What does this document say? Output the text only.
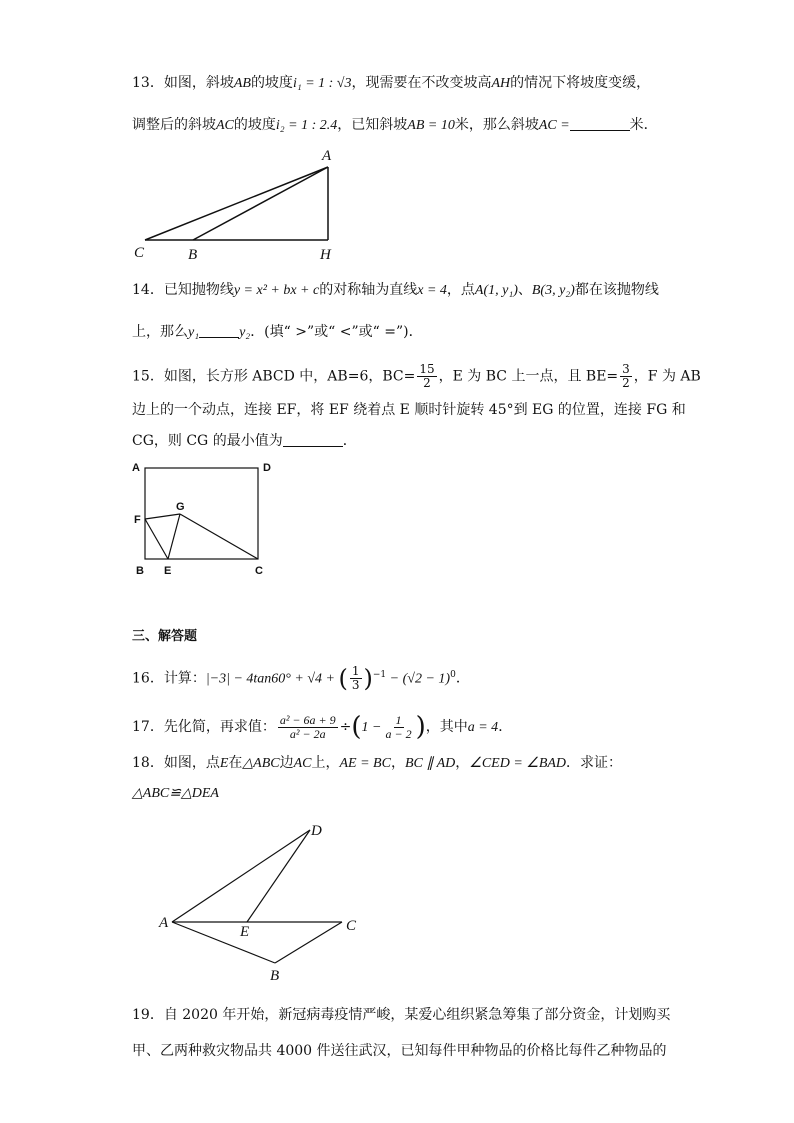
13．如图，斜坡AB的坡度i₁ = 1 : √3，现需要在不改变坡高AH的情况下将坡度变缓，
调整后的斜坡AC的坡度i₂ = 1 : 2.4，已知斜坡AB = 10米，那么斜坡AC =	米．
14．已知抛物线y = x² + bx + c的对称轴为直线x = 4，点A(1, y₁)、B(3, y₂)都在该抛物线
上，那么y₁	y₂．(填“ >”或“ <”或“ =”)．
15．如图，长方形 ABCD 中，AB=6，$BC= \frac{15}{2}$ ，E 为 BC 上一点，且 $BE= \frac{3}{2}$ ，F 为 AB
边上的一个动点，连接 EF，将 EF 绕着点 E 顺时针旋转 45°到 EG 的位置，连接 FG 和
CG，则 CG 的最小值为	．
三、解答题
16．计算：|−3| − 4tan60° + √4 + ( $\frac{1}{3} )^{-1} - (√2 - 1)^0$．
17．先化简，再求值： $\frac{\text{a² − 6a + 9}}{\text{a² − 2a}} \div(1 - \frac{1}{a - 2}$ )，其中a = 4．
18．如图，点E在△ABC边AC上，AE = BC，BC ∥ AD，∠CED = ∠BAD．求证：
△ABC≌△DEA
19．自 2020 年开始，新冠病毒疫情严峻，某爱心组织紧急筹集了部分资金，计划购买
甲、乙两种救灾物品共 4000 件送往武汉，已知每件甲种物品的价格比每件乙种物品的
A
C	B	H
A	D
F
G
B E	C
D
A
E	C
B
